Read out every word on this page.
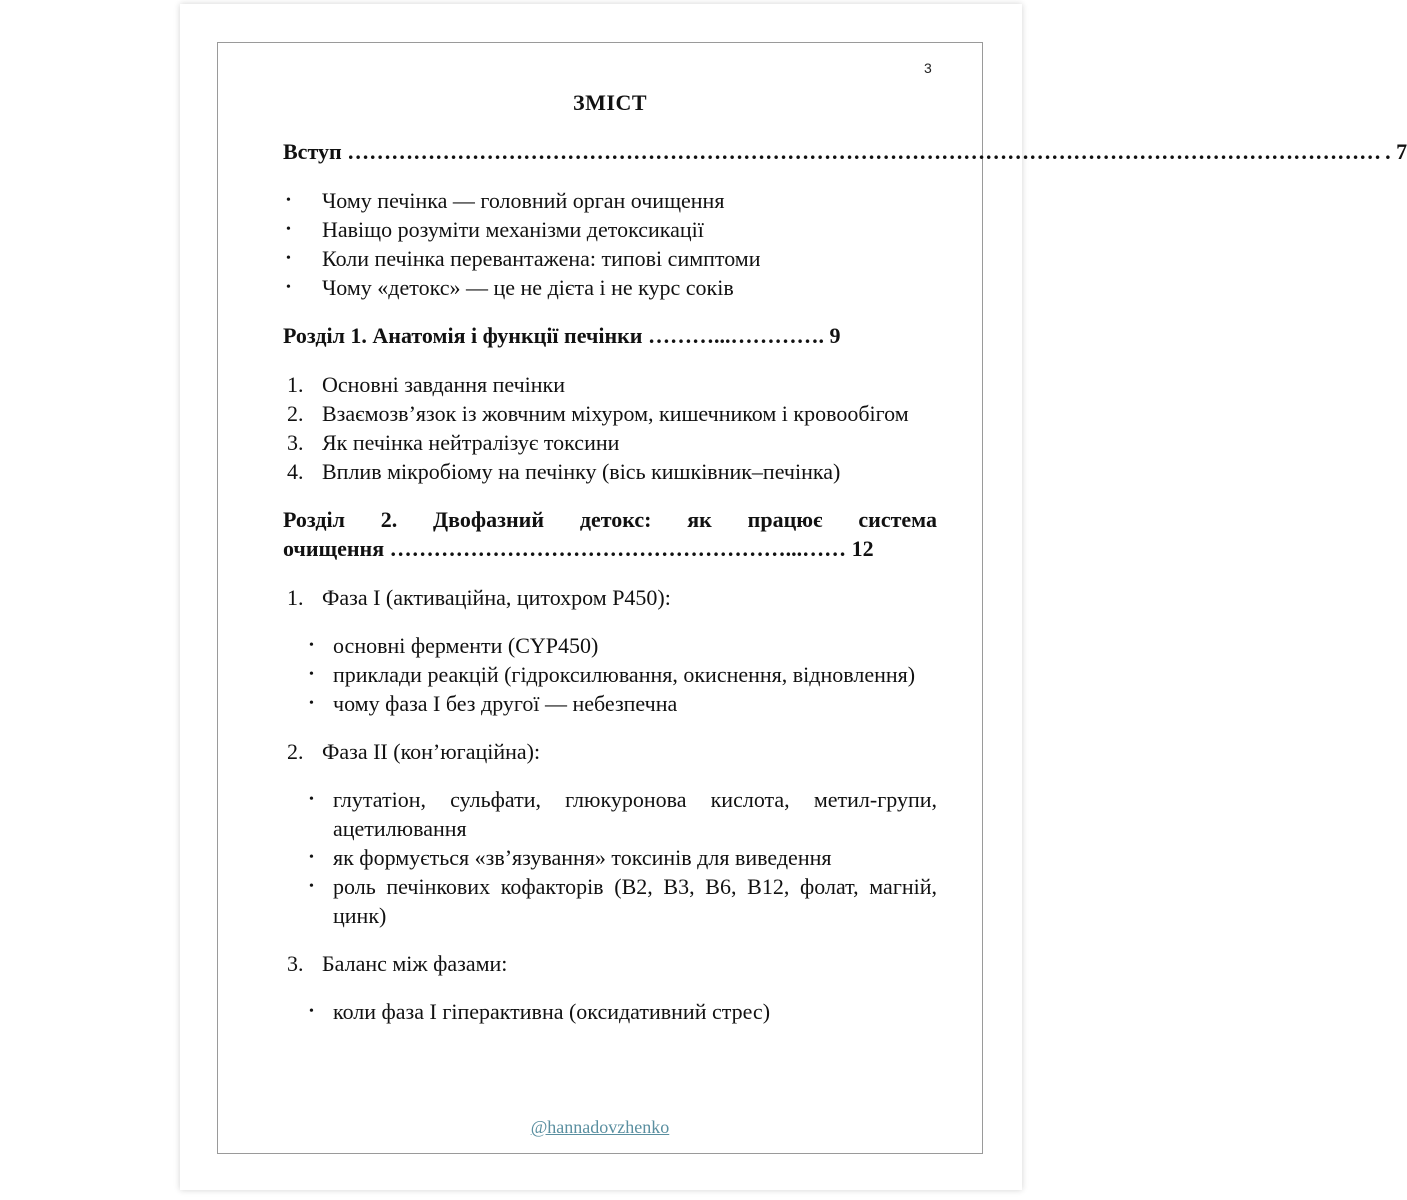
3
ЗМІСТ
Вступ
…………………………………………………………………………………………………………………………… . 7
• Чому печінка — головний орган очищення
• Навіщо розуміти механізми детоксикації
• Коли печінка перевантажена: типові симптоми
• Чому «детокс» — це не дієта і не курс соків
Розділ 1. Анатомія і функції печінки ………...…………. 9
1. Основні завдання печінки
2. Взаємозв’язок із жовчним міхуром, кишечником і кровообігом
3. Як печінка нейтралізує токсини
4. Вплив мікробіому на печінку (вісь кишківник–печінка)
Розділ 2. Двофазний детокс: як працює система
очищення ………………………………………………...…… 12
1. Фаза I (активаційна, цитохром P450):
• основні ферменти (CYP450)
• приклади реакцій (гідроксилювання, окиснення, відновлення)
• чому фаза I без другої — небезпечна
2. Фаза II (кон’югаційна):
• глутатіон, сульфати, глюкуронова кислота, метил-групи, ацетилювання
• як формується «зв’язування» токсинів для виведення
• роль печінкових кофакторів (B2, B3, B6, B12, фолат, магній, цинк)
3. Баланс між фазами:
• коли фаза I гіперактивна (оксидативний стрес)
@hannadovzhenko
